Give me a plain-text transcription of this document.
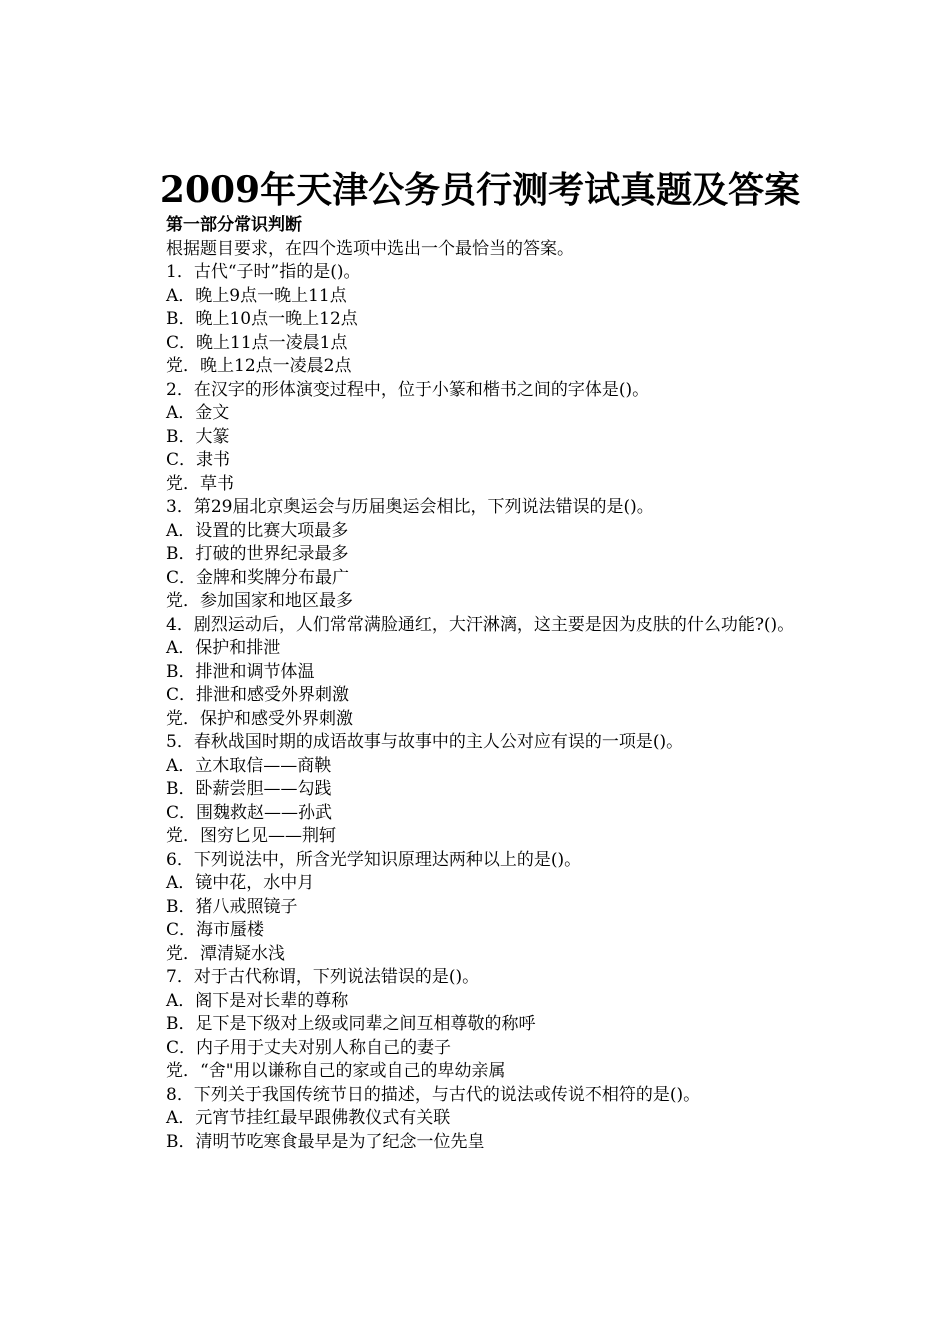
2009年天津公务员行测考试真题及答案
第一部分常识判断
根据题目要求，在四个选项中选出一个最恰当的答案。
1．古代“子时”指的是()。
A．晚上9点一晚上11点
B．晚上10点一晚上12点
C．晚上11点一凌晨1点
党．晚上12点一凌晨2点
2．在汉字的形体演变过程中，位于小篆和楷书之间的字体是()。
A．金文
B．大篆
C．隶书
党．草书
3．第29届北京奥运会与历届奥运会相比，下列说法错误的是()。
A．设置的比赛大项最多
B．打破的世界纪录最多
C．金牌和奖牌分布最广
党．参加国家和地区最多
4．剧烈运动后，人们常常满脸通红，大汗淋漓，这主要是因为皮肤的什么功能?()。
A．保护和排泄
B．排泄和调节体温
C．排泄和感受外界刺激
党．保护和感受外界刺激
5．春秋战国时期的成语故事与故事中的主人公对应有误的一项是()。
A．立木取信——商鞅
B．卧薪尝胆——勾践
C．围魏救赵——孙武
党．图穷匕见——荆轲
6．下列说法中，所含光学知识原理达两种以上的是()。
A．镜中花，水中月
B．猪八戒照镜子
C．海市蜃楼
党．潭清疑水浅
7．对于古代称谓，下列说法错误的是()。
A．阁下是对长辈的尊称
B．足下是下级对上级或同辈之间互相尊敬的称呼
C．内子用于丈夫对别人称自己的妻子
党．“舍"用以谦称自己的家或自己的卑幼亲属
8．下列关于我国传统节日的描述，与古代的说法或传说不相符的是()。
A．元宵节挂红最早跟佛教仪式有关联
B．清明节吃寒食最早是为了纪念一位先皇
